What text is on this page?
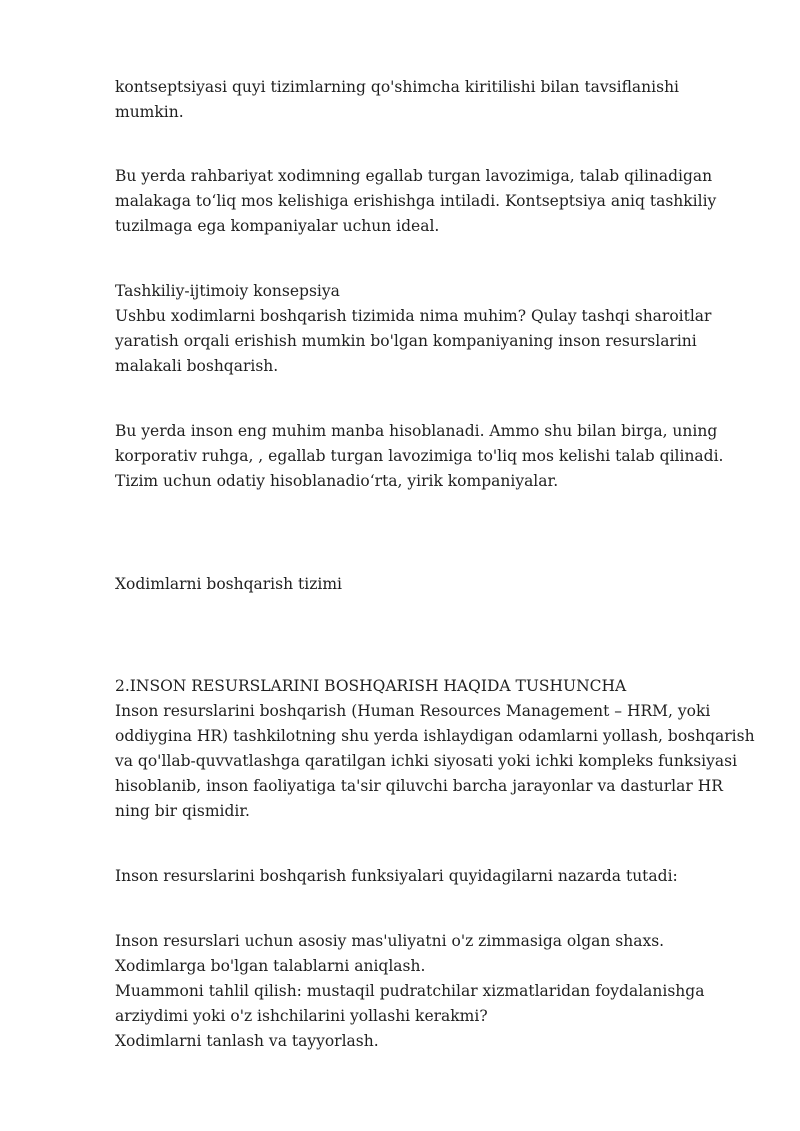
kontseptsiyasi quyi tizimlarning qo'shimcha kiritilishi bilan tavsiflanishi
mumkin.
Bu yerda rahbariyat xodimning egallab turgan lavozimiga, talab qilinadigan
malakaga to‘liq mos kelishiga erishishga intiladi. Kontseptsiya aniq tashkiliy
tuzilmaga ega kompaniyalar uchun ideal.
Tashkiliy-ijtimoiy konsepsiya
Ushbu xodimlarni boshqarish tizimida nima muhim? Qulay tashqi sharoitlar
yaratish orqali erishish mumkin bo'lgan kompaniyaning inson resurslarini
malakali boshqarish.
Bu yerda inson eng muhim manba hisoblanadi. Ammo shu bilan birga, uning
korporativ ruhga, , egallab turgan lavozimiga to'liq mos kelishi talab qilinadi.
Tizim uchun odatiy hisoblanadio‘rta, yirik kompaniyalar.
Xodimlarni boshqarish tizimi
2.INSON RESURSLARINI BOSHQARISH HAQIDA TUSHUNCHA
Inson resurslarini boshqarish (Human Resources Management – HRM, yoki
oddiygina HR) tashkilotning shu yerda ishlaydigan odamlarni yollash, boshqarish
va qo'llab-quvvatlashga qaratilgan ichki siyosati yoki ichki kompleks funksiyasi
hisoblanib, inson faoliyatiga ta'sir qiluvchi barcha jarayonlar va dasturlar HR
ning bir qismidir.
Inson resurslarini boshqarish funksiyalari quyidagilarni nazarda tutadi:
Inson resurslari uchun asosiy mas'uliyatni o'z zimmasiga olgan shaxs.
Xodimlarga bo'lgan talablarni aniqlash.
Muammoni tahlil qilish: mustaqil pudratchilar xizmatlaridan foydalanishga
arziydimi yoki o'z ishchilarini yollashi kerakmi?
Xodimlarni tanlash va tayyorlash.
